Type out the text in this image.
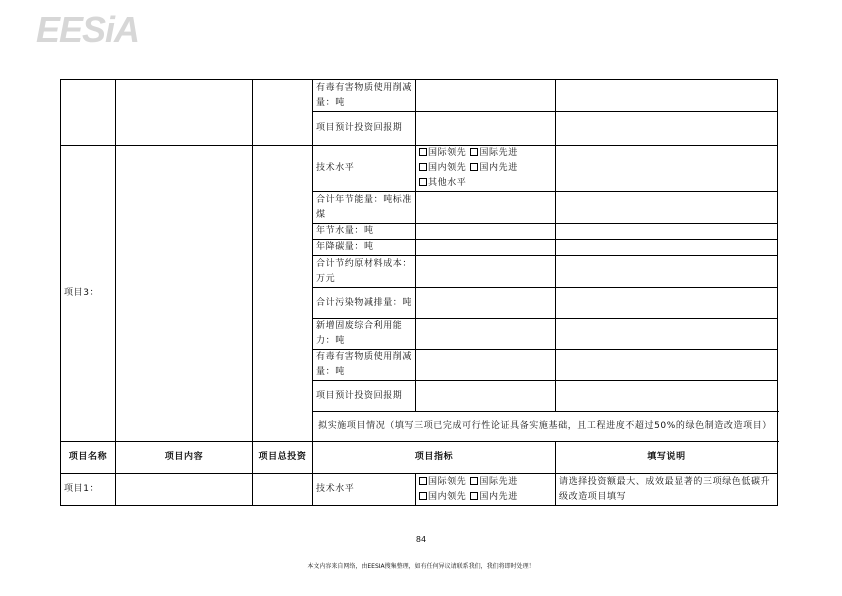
EESiA
			有毒有害物质使用削减量：吨		
			项目预计投资回报期		
项目3：			技术水平	国际领先 国际先进
国内领先 国内先进
其他水平	
			合计年节能量：吨标准煤		
			年节水量：吨		
			年降碳量：吨		
			合计节约原材料成本：万元		
			合计污染物减排量：吨		
			新增固废综合利用能力：吨		
			有毒有害物质使用削减量：吨		
			项目预计投资回报期		
			拟实施项目情况（填写三项已完成可行性论证具备实施基础，且工程进度不超过50%的绿色制造改造项目）		
项目名称	项目内容	项目总投资	项目指标		填写说明
项目1：			技术水平	国际领先 国际先进
国内领先 国内先进	请选择投资额最大、成效最显著的三项绿色低碳升级改造项目填写
84
本文内容来自网络，由EESIA搜集整理，如有任何异议请联系我们，我们将即时处理！
